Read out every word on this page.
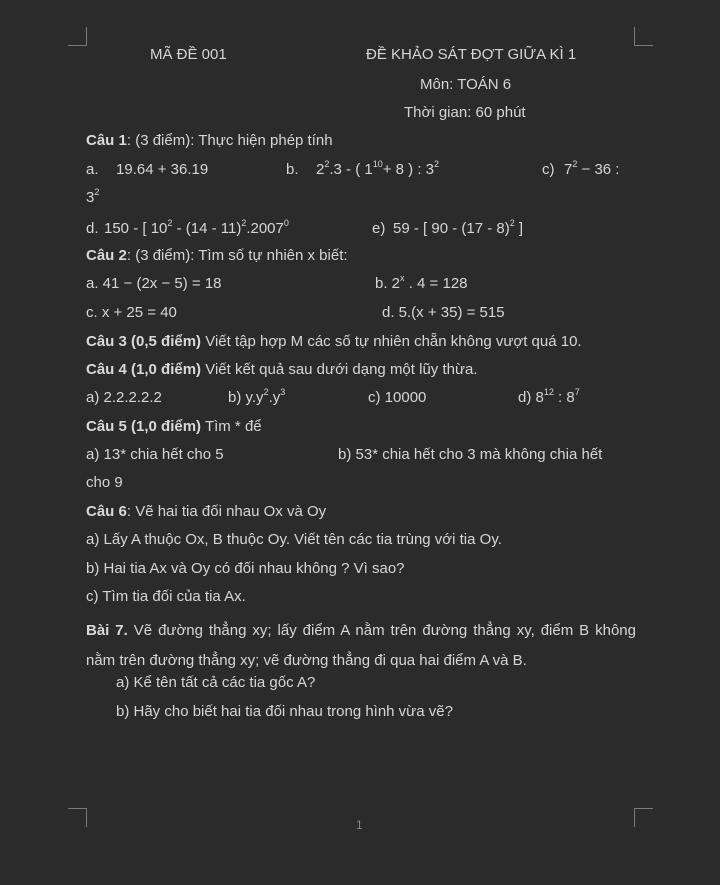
MÃ ĐỀ 001	ĐỀ KHẢO SÁT ĐỢT GIỮA KÌ 1
Môn: TOÁN 6
Thời gian: 60 phút
Câu 1: (3 điểm): Thực hiện phép tính
a. 19.64 + 36.19	b. $2^2.3$ - ( $1^{10}+ 8$ ) : $3^2$	c) $7^2 - 36$ :
$3^2$
d. 150 - [ $10^2 - (14 - 11)^2.2007^0$	e) 59 - [ 90 - (17 - 8)$^2$ ]
Câu 2: (3 điểm): Tìm số tự nhiên x biết:
a. 41 − (2x − 5) = 18	b. 2$^x$ . 4 = 128
c. x + 25 = 40	d. 5.(x + 35) = 515
Câu 3 (0,5 điểm) Viết tập hợp M các số tự nhiên chẵn không vượt quá 10.
Câu 4 (1,0 điểm) Viết kết quả sau dưới dạng một lũy thừa.
a) 2.2.2.2.2	b) $y.y^2.y^3$	c) 10000	d) $8^{12}$ : $8^7$
Câu 5 (1,0 điểm) Tìm * để
a) 13* chia hết cho 5	b) 53* chia hết cho 3 mà không chia hết
cho 9
Câu 6: Vẽ hai tia đối nhau Ox và Oy
a) Lấy A thuộc Ox, B thuộc Oy. Viết tên các tia trùng với tia Oy.
b) Hai tia Ax và Oy có đối nhau không ? Vì sao?
c) Tìm tia đối của tia Ax.
Bài 7. Vẽ đường thẳng xy; lấy điểm A nằm trên đường thẳng xy, điểm B không nằm trên đường thẳng xy; vẽ đường thẳng đi qua hai điểm A và B.
a) Kể tên tất cả các tia gốc A?
b) Hãy cho biết hai tia đối nhau trong hình vừa vẽ?
1
